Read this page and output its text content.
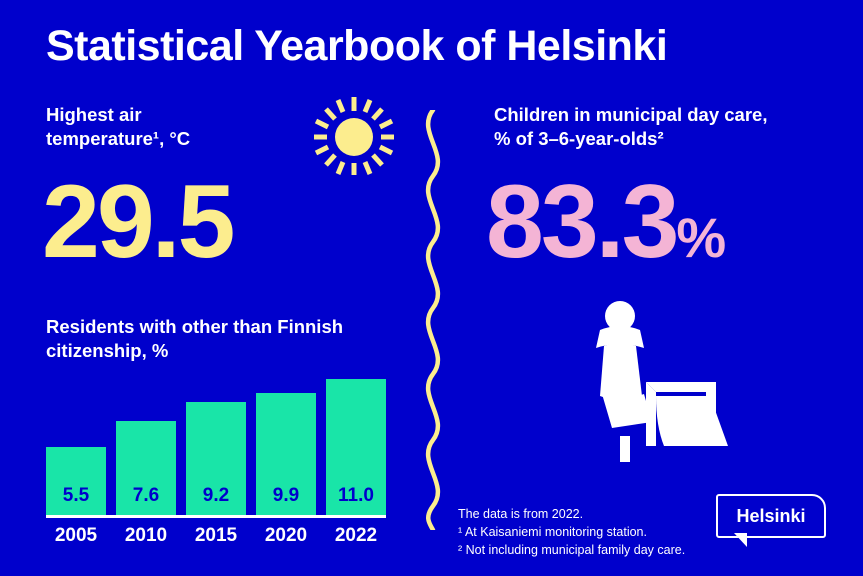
Statistical Yearbook of Helsinki
Highest air
temperature¹, °C
29.5
Residents with other than Finnish
citizenship, %
5.5	7.6	9.2	9.9	11.0
2005	2010	2015	2020	2022
Children in municipal day care,
% of 3–6-year-olds²
83.3%
The data is from 2022.
¹ At Kaisaniemi monitoring station.
² Not including municipal family day care.
Helsinki
